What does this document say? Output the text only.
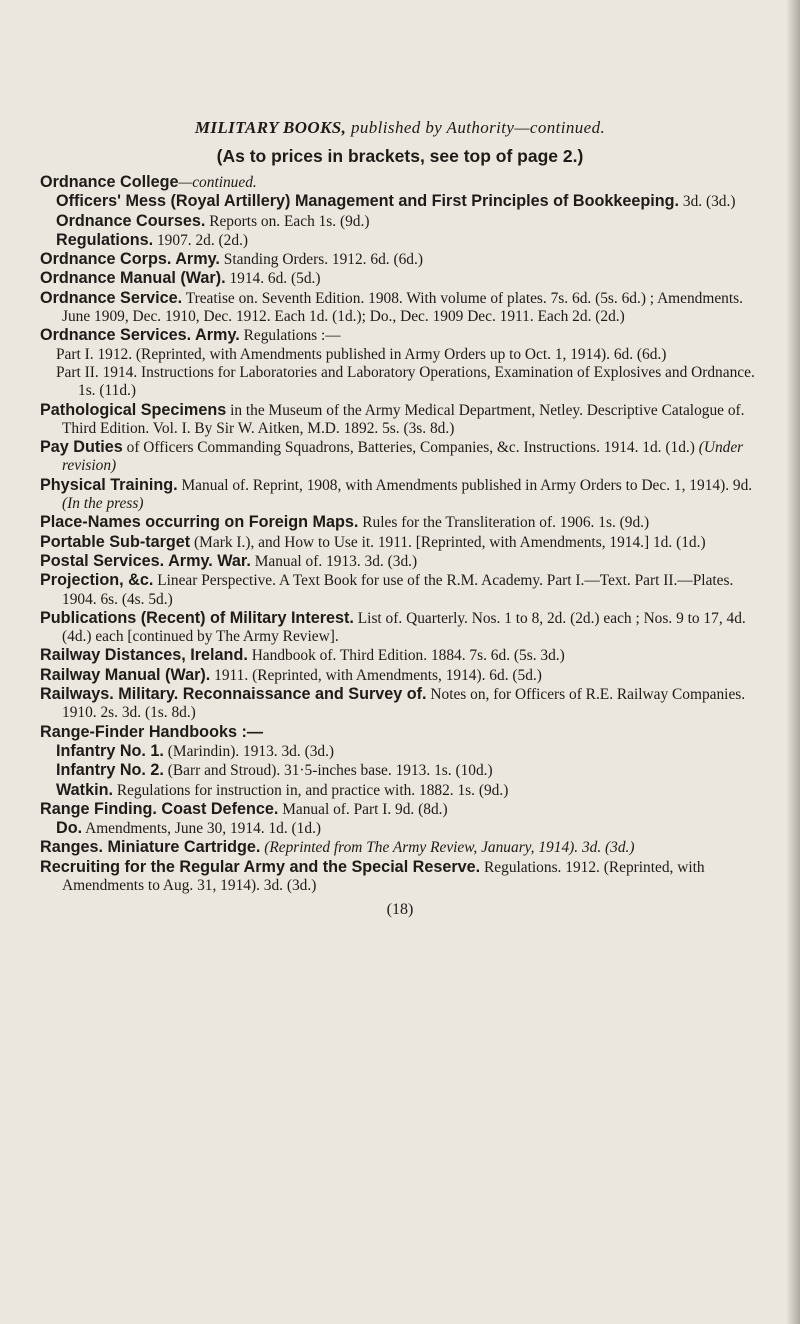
MILITARY BOOKS, published by Authority—continued.
(As to prices in brackets, see top of page 2.)

Ordnance College—continued.

Officers' Mess (Royal Artillery) Management and First Principles of Bookkeeping. 3d. (3d.)

Ordnance Courses. Reports on. Each 1s. (9d.)

Regulations. 1907. 2d. (2d.)

Ordnance Corps. Army. Standing Orders. 1912. 6d. (6d.)

Ordnance Manual (War). 1914. 6d. (5d.)

Ordnance Service. Treatise on. Seventh Edition. 1908. With volume of plates. 7s. 6d. (5s. 6d.) ; Amendments. June 1909, Dec. 1910, Dec. 1912. Each 1d. (1d.); Do., Dec. 1909 Dec. 1911. Each 2d. (2d.)

Ordnance Services. Army. Regulations :—

Part I. 1912. (Reprinted, with Amendments published in Army Orders up to Oct. 1, 1914). 6d. (6d.)

Part II. 1914. Instructions for Laboratories and Laboratory Operations, Examination of Explosives and Ordnance. 1s. (11d.)

Pathological Specimens in the Museum of the Army Medical Department, Netley. Descriptive Catalogue of. Third Edition. Vol. I. By Sir W. Aitken, M.D. 1892. 5s. (3s. 8d.)

Pay Duties of Officers Commanding Squadrons, Batteries, Companies, &c. Instructions. 1914. 1d. (1d.) (Under revision)

Physical Training. Manual of. Reprint, 1908, with Amendments published in Army Orders to Dec. 1, 1914). 9d. (In the press)

Place-Names occurring on Foreign Maps. Rules for the Transliteration of. 1906. 1s. (9d.)

Portable Sub-target (Mark I.), and How to Use it. 1911. [Reprinted, with Amendments, 1914.] 1d. (1d.)

Postal Services. Army. War. Manual of. 1913. 3d. (3d.)

Projection, &c. Linear Perspective. A Text Book for use of the R.M. Academy. Part I.—Text. Part II.—Plates. 1904. 6s. (4s. 5d.)

Publications (Recent) of Military Interest. List of. Quarterly. Nos. 1 to 8, 2d. (2d.) each ; Nos. 9 to 17, 4d. (4d.) each [continued by The Army Review].

Railway Distances, Ireland. Handbook of. Third Edition. 1884. 7s. 6d. (5s. 3d.)

Railway Manual (War). 1911. (Reprinted, with Amendments, 1914). 6d. (5d.)

Railways. Military. Reconnaissance and Survey of. Notes on, for Officers of R.E. Railway Companies. 1910. 2s. 3d. (1s. 8d.)

Range-Finder Handbooks :—

Infantry No. 1. (Marindin). 1913. 3d. (3d.)

Infantry No. 2. (Barr and Stroud). 31·5-inches base. 1913. 1s. (10d.)

Watkin. Regulations for instruction in, and practice with. 1882. 1s. (9d.)

Range Finding. Coast Defence. Manual of. Part I. 9d. (8d.)

Do. Amendments, June 30, 1914. 1d. (1d.)

Ranges. Miniature Cartridge. (Reprinted from The Army Review, January, 1914). 3d. (3d.)

Recruiting for the Regular Army and the Special Reserve. Regulations. 1912. (Reprinted, with Amendments to Aug. 31, 1914). 3d. (3d.)

(18)
